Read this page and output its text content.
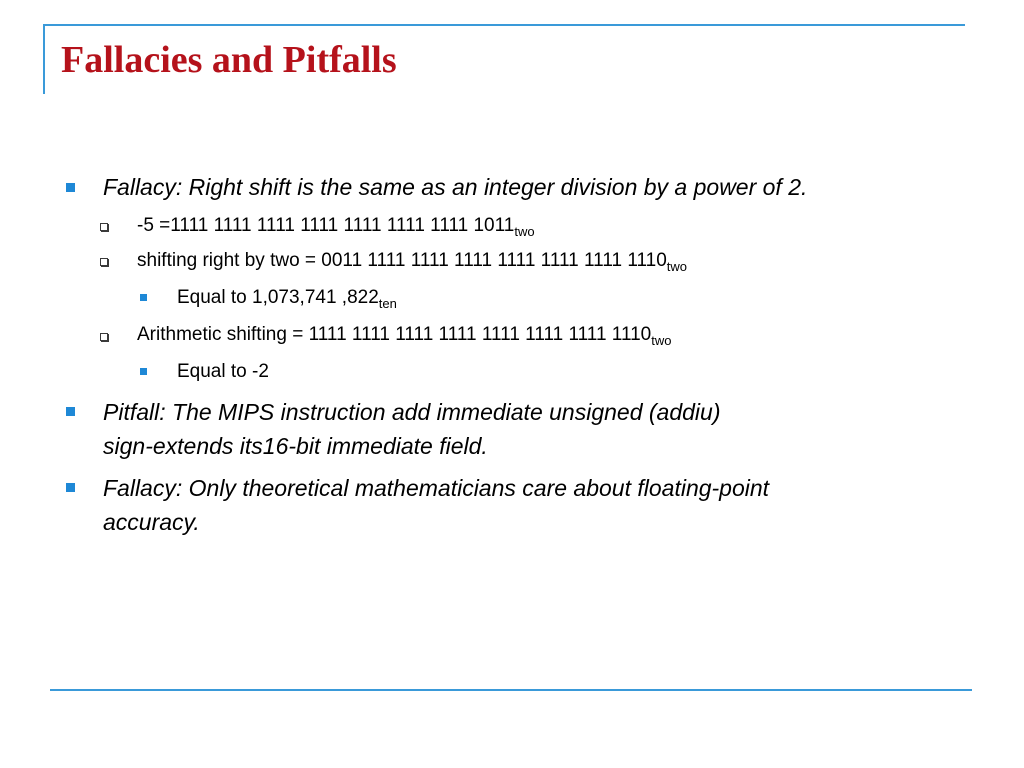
Fallacies and Pitfalls
Fallacy: Right shift is the same as an integer division by a power of 2.
-5 =1111 1111 1111 1111 1111 1111 1111 $1011_{two}$
shifting right by two = 0011 1111 1111 1111 1111 1111 1111 $1110_{two}$
Equal to 1,073,741 $,822_{ten}$
Arithmetic shifting = 1111 1111 1111 1111 1111 1111 1111 $1110_{two}$
Equal to -2
Pitfall: The MIPS instruction add immediate unsigned (addiu)
sign-extends its16-bit immediate field.
Fallacy: Only theoretical mathematicians care about floating-point
accuracy.
